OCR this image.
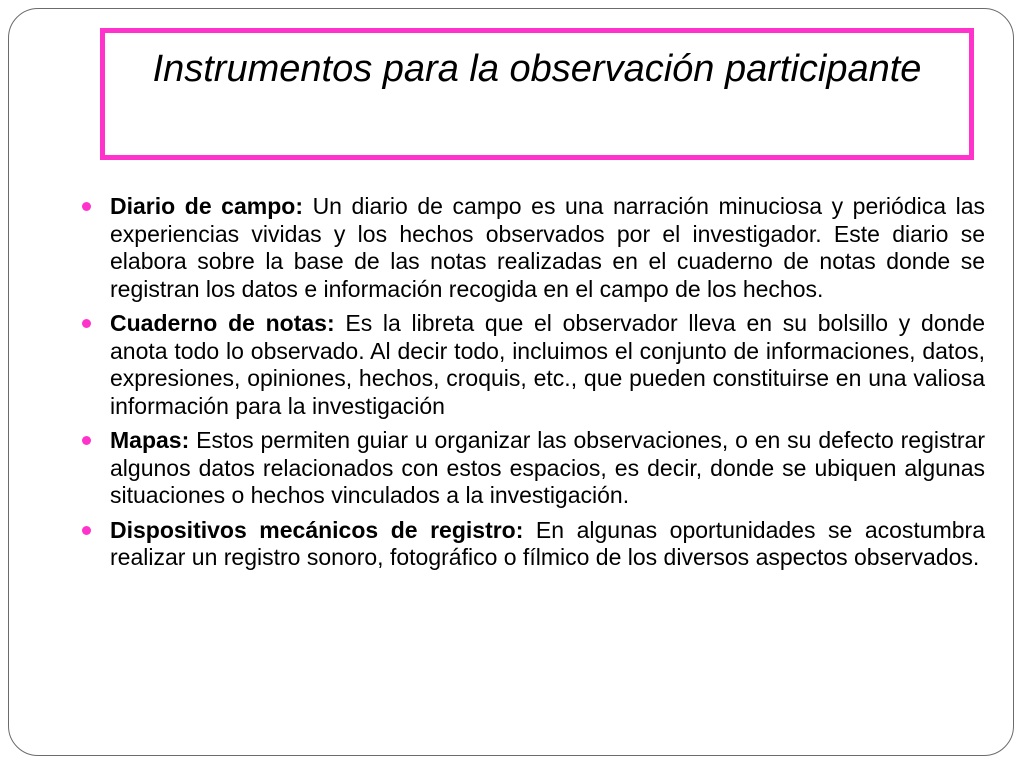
Instrumentos para la observación participante
Diario de campo: Un diario de campo es una narración minuciosa y periódica las experiencias vividas y los hechos observados por el investigador. Este diario se elabora sobre la base de las notas realizadas en el cuaderno de notas donde se registran los datos e información recogida en el campo de los hechos.
Cuaderno de notas: Es la libreta que el observador lleva en su bolsillo y donde anota todo lo observado. Al decir todo, incluimos el conjunto de informaciones, datos, expresiones, opiniones, hechos, croquis, etc., que pueden constituirse en una valiosa información para la investigación
Mapas: Estos permiten guiar u organizar las observaciones, o en su defecto registrar algunos datos relacionados con estos espacios, es decir, donde se ubiquen algunas situaciones o hechos vinculados a la investigación.
Dispositivos mecánicos de registro: En algunas oportunidades se acostumbra realizar un registro sonoro, fotográfico o fílmico de los diversos aspectos observados.
